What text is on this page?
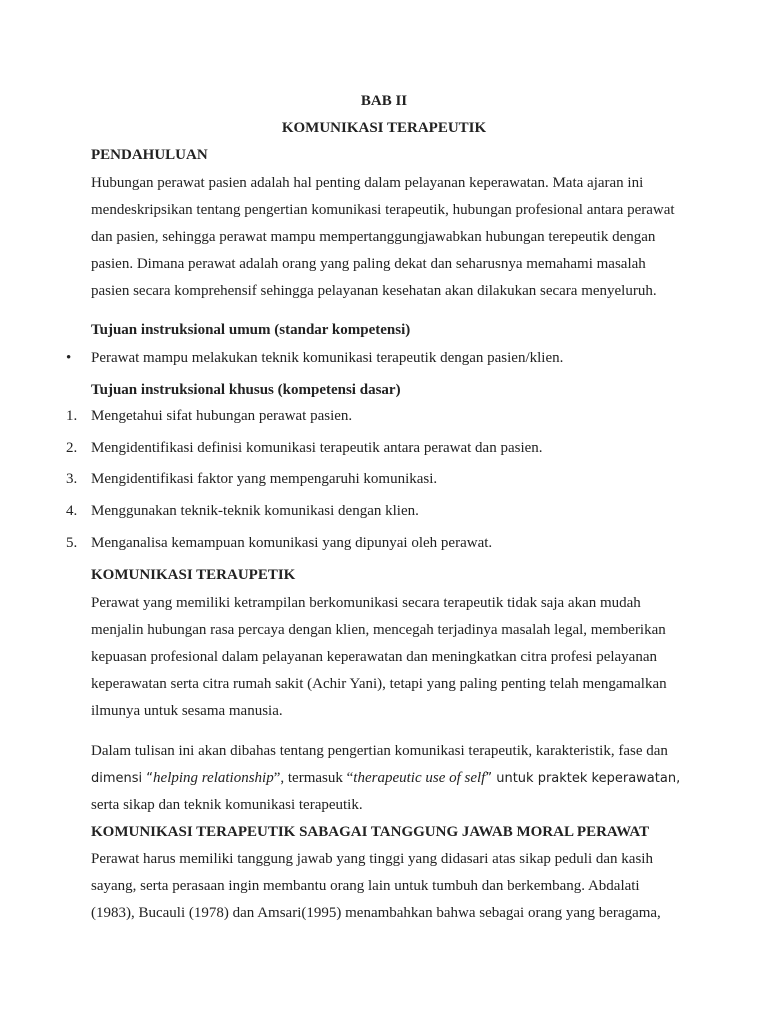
BAB II
KOMUNIKASI TERAPEUTIK
PENDAHULUAN
Hubungan perawat pasien adalah hal penting dalam pelayanan keperawatan. Mata ajaran ini
mendeskripsikan tentang pengertian komunikasi terapeutik, hubungan profesional antara perawat
dan pasien, sehingga perawat mampu mempertanggungjawabkan hubungan terepeutik dengan
pasien. Dimana perawat adalah orang yang paling dekat dan seharusnya memahami masalah
pasien secara komprehensif sehingga pelayanan kesehatan akan dilakukan secara menyeluruh.
Tujuan instruksional umum (standar kompetensi)
• Perawat mampu melakukan teknik komunikasi terapeutik dengan pasien/klien.
Tujuan instruksional khusus (kompetensi dasar)
1. Mengetahui sifat hubungan perawat pasien.
2. Mengidentifikasi definisi komunikasi terapeutik antara perawat dan pasien.
3. Mengidentifikasi faktor yang mempengaruhi komunikasi.
4. Menggunakan teknik-teknik komunikasi dengan klien.
5. Menganalisa kemampuan komunikasi yang dipunyai oleh perawat.
KOMUNIKASI TERAUPETIK
Perawat yang memiliki ketrampilan berkomunikasi secara terapeutik tidak saja akan mudah
menjalin hubungan rasa percaya dengan klien, mencegah terjadinya masalah legal, memberikan
kepuasan profesional dalam pelayanan keperawatan dan meningkatkan citra profesi pelayanan
keperawatan serta citra rumah sakit (Achir Yani), tetapi yang paling penting telah mengamalkan
ilmunya untuk sesama manusia.
Dalam tulisan ini akan dibahas tentang pengertian komunikasi terapeutik, karakteristik, fase dan
dimensi “helping relationship”, termasuk “therapeutic use of self” untuk praktek keperawatan,
serta sikap dan teknik komunikasi terapeutik.
KOMUNIKASI TERAPEUTIK SABAGAI TANGGUNG JAWAB MORAL PERAWAT
Perawat harus memiliki tanggung jawab yang tinggi yang didasari atas sikap peduli dan kasih
sayang, serta perasaan ingin membantu orang lain untuk tumbuh dan berkembang. Abdalati
(1983), Bucauli (1978) dan Amsari(1995) menambahkan bahwa sebagai orang yang beragama,
